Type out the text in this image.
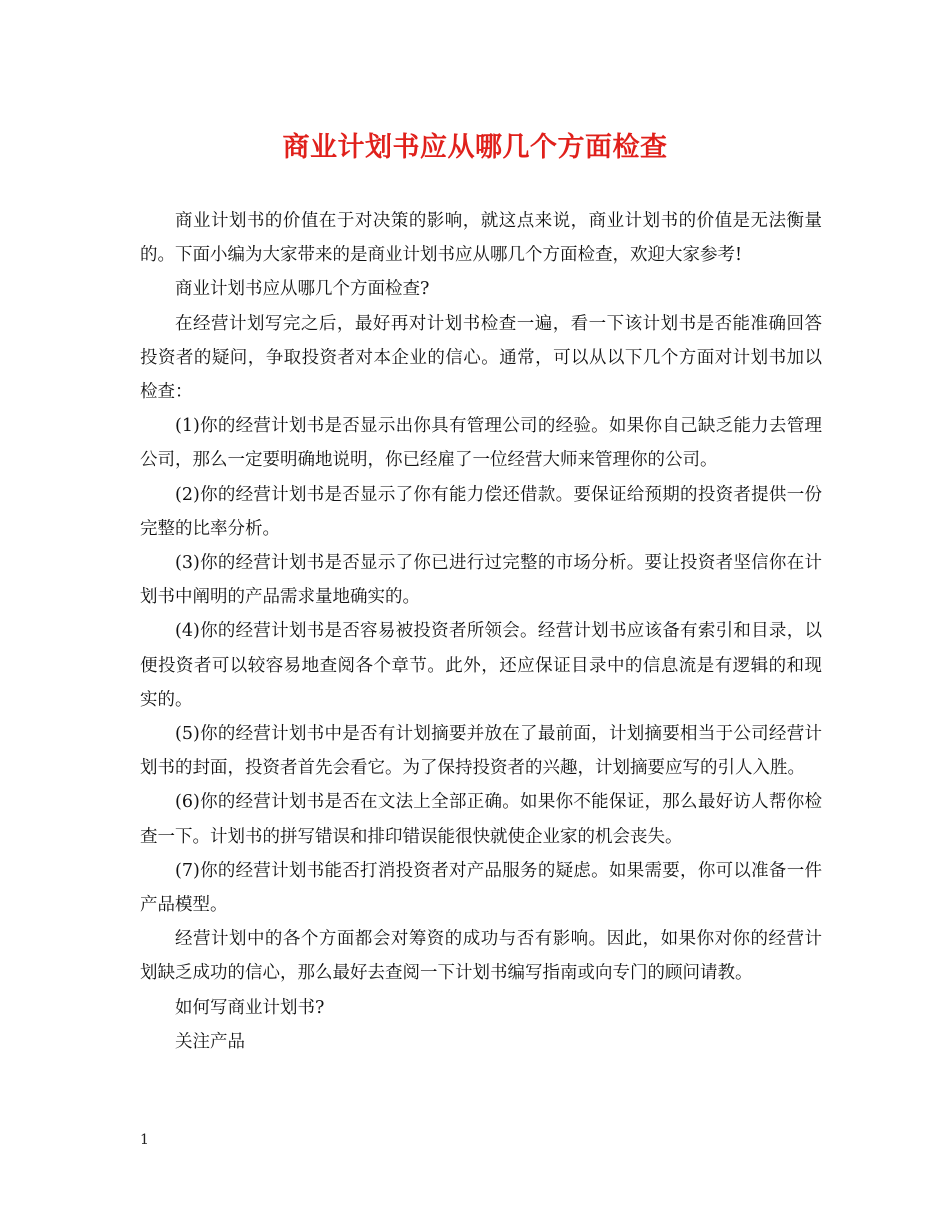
商业计划书应从哪几个方面检查

商业计划书的价值在于对决策的影响，就这点来说，商业计划书的价值是无法衡量的。下面小编为大家带来的是商业计划书应从哪几个方面检查，欢迎大家参考!

商业计划书应从哪几个方面检查?

在经营计划写完之后，最好再对计划书检查一遍，看一下该计划书是否能准确回答投资者的疑问，争取投资者对本企业的信心。通常，可以从以下几个方面对计划书加以检查：

(1)你的经营计划书是否显示出你具有管理公司的经验。如果你自己缺乏能力去管理公司，那么一定要明确地说明，你已经雇了一位经营大师来管理你的公司。

(2)你的经营计划书是否显示了你有能力偿还借款。要保证给预期的投资者提供一份完整的比率分析。

(3)你的经营计划书是否显示了你已进行过完整的市场分析。要让投资者坚信你在计划书中阐明的产品需求量地确实的。

(4)你的经营计划书是否容易被投资者所领会。经营计划书应该备有索引和目录，以便投资者可以较容易地查阅各个章节。此外，还应保证目录中的信息流是有逻辑的和现实的。

(5)你的经营计划书中是否有计划摘要并放在了最前面，计划摘要相当于公司经营计划书的封面，投资者首先会看它。为了保持投资者的兴趣，计划摘要应写的引人入胜。

(6)你的经营计划书是否在文法上全部正确。如果你不能保证，那么最好访人帮你检查一下。计划书的拼写错误和排印错误能很快就使企业家的机会丧失。

(7)你的经营计划书能否打消投资者对产品服务的疑虑。如果需要，你可以准备一件产品模型。

经营计划中的各个方面都会对筹资的成功与否有影响。因此，如果你对你的经营计划缺乏成功的信心，那么最好去查阅一下计划书编写指南或向专门的顾问请教。

如何写商业计划书?

关注产品

1
